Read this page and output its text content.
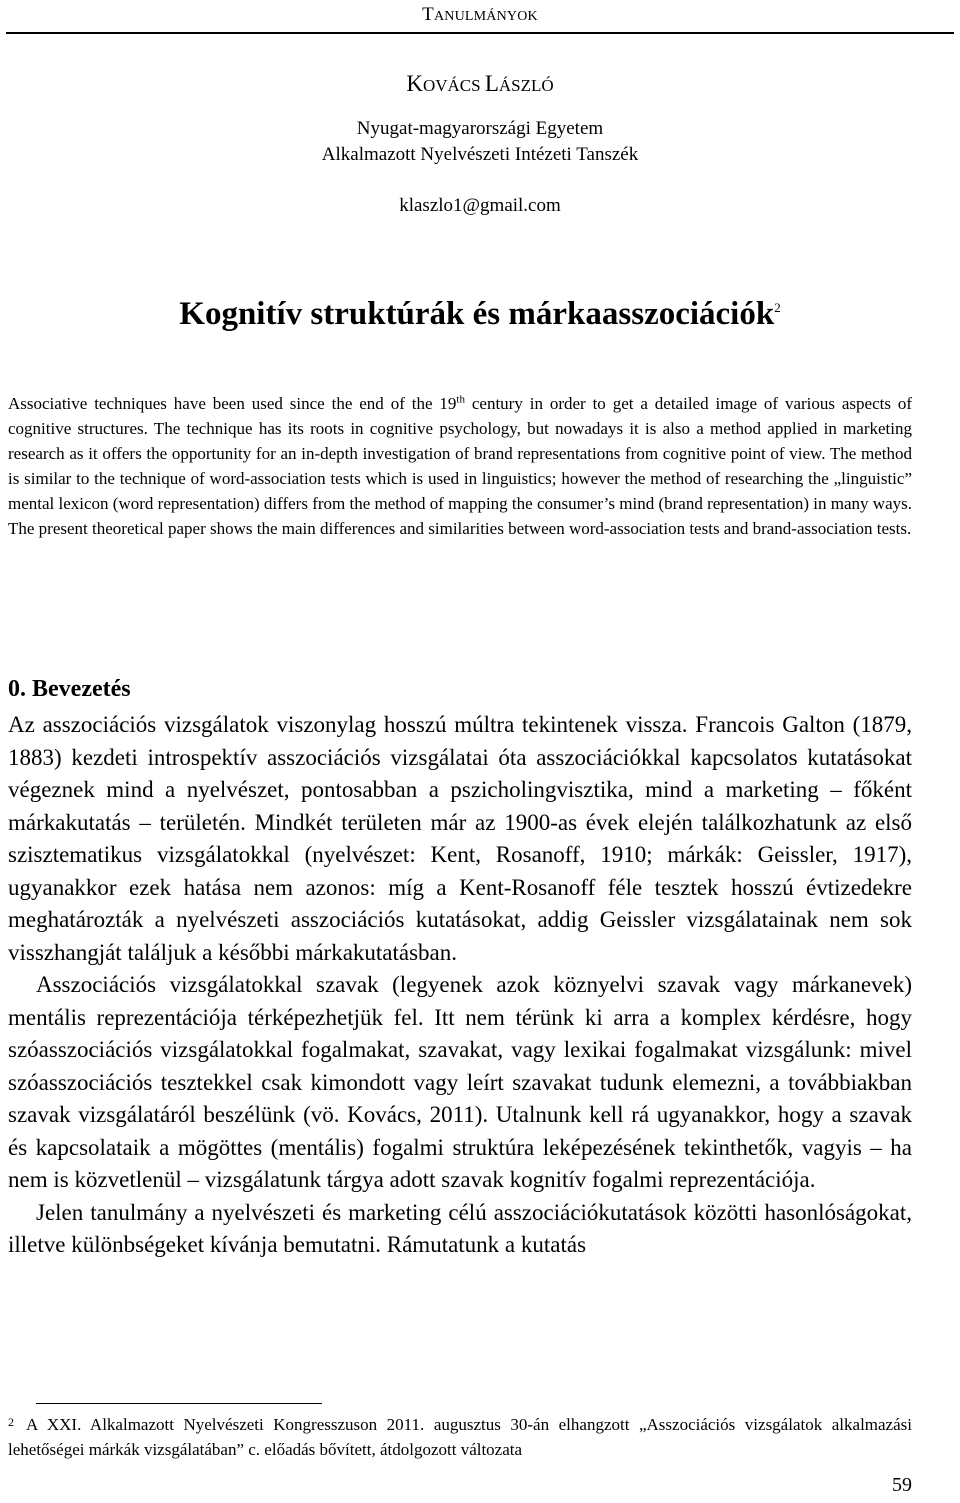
TANULMÁNYOK
KOVÁCS LÁSZLÓ
Nyugat-magyarországi Egyetem
Alkalmazott Nyelvészeti Intézeti Tanszék
klaszlo1@gmail.com
Kognitív struktúrák és márkaasszociációk$^2$
Associative techniques have been used since the end of the 19th century in order to get a detailed image of various aspects of cognitive structures. The technique has its roots in cognitive psychology, but nowadays it is also a method applied in marketing research as it offers the opportunity for an in-depth investigation of brand representations from cognitive point of view. The method is similar to the technique of word-association tests which is used in linguistics; however the method of researching the „linguistic” mental lexicon (word representation) differs from the method of mapping the consumer’s mind (brand representation) in many ways. The present theoretical paper shows the main differences and similarities between word-association tests and brand-association tests.
0. Bevezetés

Az asszociációs vizsgálatok viszonylag hosszú múltra tekintenek vissza. Francois Galton (1879, 1883) kezdeti introspektív asszociációs vizsgálatai óta asszociációkkal kapcsolatos kutatásokat végeznek mind a nyelvészet, pontosabban a pszicholingvisztika, mind a marketing – főként márkakutatás – területén. Mindkét területen már az 1900-as évek elején találkozhatunk az első szisztematikus vizsgálatokkal (nyelvészet: Kent, Rosanoff, 1910; márkák: Geissler, 1917), ugyanakkor ezek hatása nem azonos: míg a Kent-Rosanoff féle tesztek hosszú évtizedekre meghatározták a nyelvészeti asszociációs kutatásokat, addig Geissler vizsgálatainak nem sok visszhangját találjuk a későbbi márkakutatásban.

Asszociációs vizsgálatokkal szavak (legyenek azok köznyelvi szavak vagy márkanevek) mentális reprezentációja térképezhetjük fel. Itt nem térünk ki arra a komplex kérdésre, hogy szóasszociációs vizsgálatokkal fogalmakat, szavakat, vagy lexikai fogalmakat vizsgálunk: mivel szóasszociációs tesztekkel csak kimondott vagy leírt szavakat tudunk elemezni, a továbbiakban szavak vizsgálatáról beszélünk (vö. Kovács, 2011). Utalnunk kell rá ugyanakkor, hogy a szavak és kapcsolataik a mögöttes (mentális) fogalmi struktúra leképezésének tekinthetők, vagyis – ha nem is közvetlenül – vizsgálatunk tárgya adott szavak kognitív fogalmi reprezentációja.

Jelen tanulmány a nyelvészeti és marketing célú asszociációkutatások közötti hasonlóságokat, illetve különbségeket kívánja bemutatni. Rámutatunk a kutatás

$^2$ A XXI. Alkalmazott Nyelvészeti Kongresszuson 2011. augusztus 30-án elhangzott „Asszociációs vizsgálatok alkalmazási lehetőségei márkák vizsgálatában” c. előadás bővített, átdolgozott változata
59
